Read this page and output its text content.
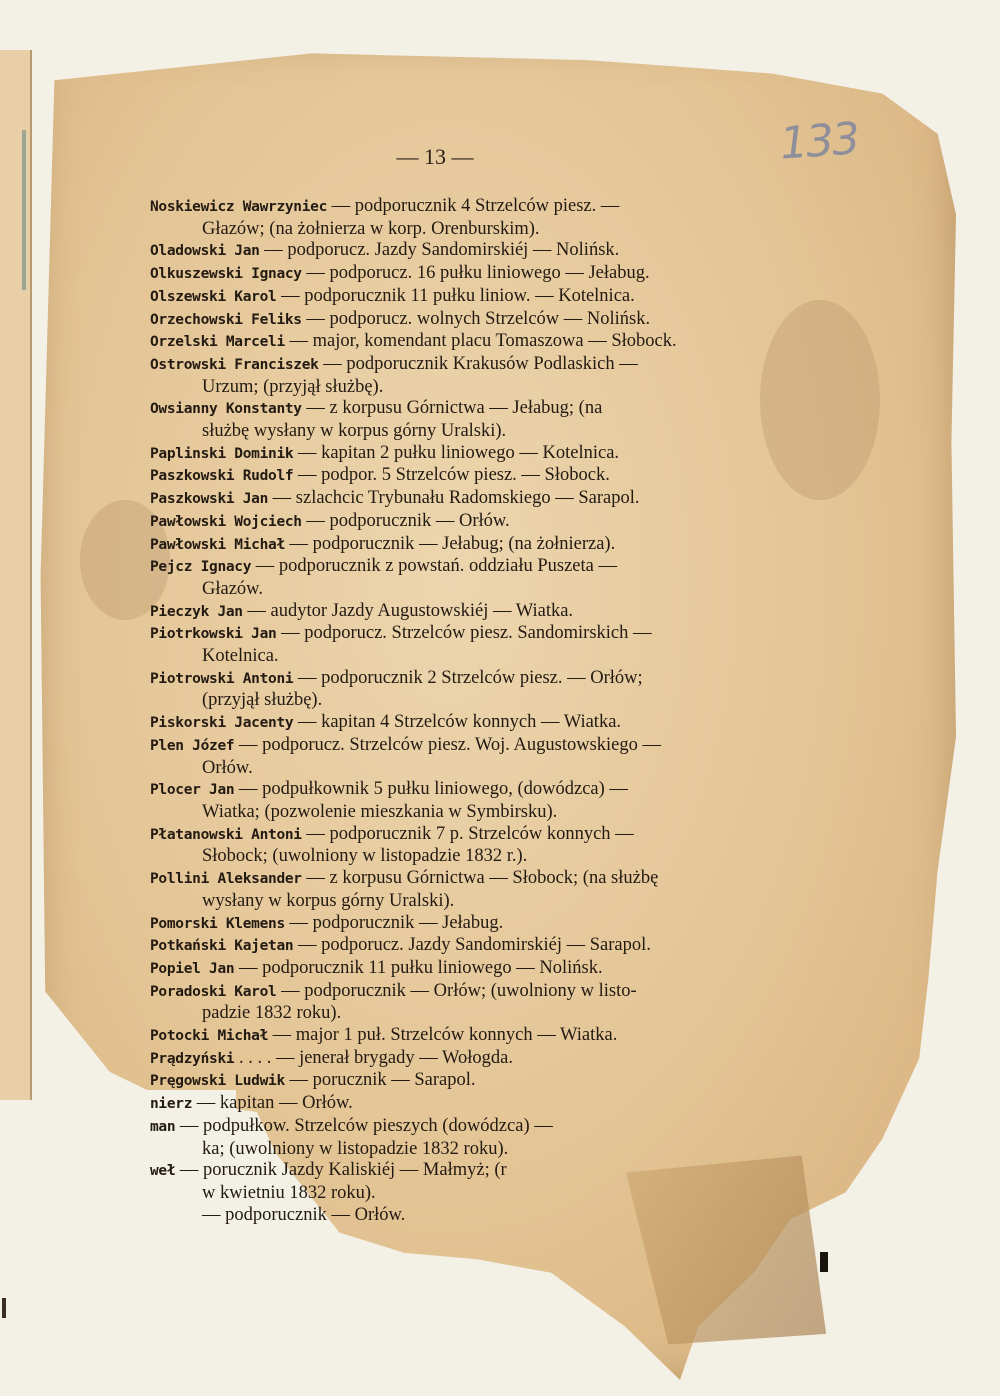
— 13 —	133
Noskiewicz Wawrzyniec — podporucznik 4 Strzelców piesz. —
Głazów; (na żołnierza w korp. Orenburskim).
Oladowski Jan — podporucz. Jazdy Sandomirskiéj — Nolińsk.
Olkuszewski Ignacy — podporucz. 16 pułku liniowego — Jełabug.
Olszewski Karol — podporucznik 11 pułku liniow. — Kotelnica.
Orzechowski Feliks — podporucz. wolnych Strzelców — Nolińsk.
Orzelski Marceli — major, komendant placu Tomaszowa — Słobock.
Ostrowski Franciszek — podporucznik Krakusów Podlaskich —
Urzum; (przyjął służbę).
Owsianny Konstanty — z korpusu Górnictwa — Jełabug; (na
służbę wysłany w korpus górny Uralski).
Paplinski Dominik — kapitan 2 pułku liniowego — Kotelnica.
Paszkowski Rudolf — podpor. 5 Strzelców piesz. — Słobock.
Paszkowski Jan — szlachcic Trybunału Radomskiego — Sarapol.
Pawłowski Wojciech — podporucznik — Orłów.
Pawłowski Michał — podporucznik — Jełabug; (na żołnierza).
Pejcz Ignacy — podporucznik z powstań. oddziału Puszeta —
Głazów.
Pieczyk Jan — audytor Jazdy Augustowskiéj — Wiatka.
Piotrkowski Jan — podporucz. Strzelców piesz. Sandomirskich —
Kotelnica.
Piotrowski Antoni — podporucznik 2 Strzelców piesz. — Orłów;
(przyjął służbę).
Piskorski Jacenty — kapitan 4 Strzelców konnych — Wiatka.
Plen Józef — podporucz. Strzelców piesz. Woj. Augustowskiego —
Orłów.
Plocer Jan — podpułkownik 5 pułku liniowego, (dowódzca) —
Wiatka; (pozwolenie mieszkania w Symbirsku).
Płatanowski Antoni — podporucznik 7 p. Strzelców konnych —
Słobock; (uwolniony w listopadzie 1832 r.).
Pollini Aleksander — z korpusu Górnictwa — Słobock; (na służbę
wysłany w korpus górny Uralski).
Pomorski Klemens — podporucznik — Jełabug.
Potkański Kajetan — podporucz. Jazdy Sandomirskiéj — Sarapol.
Popiel Jan — podporucznik 11 pułku liniowego — Nolińsk.
Poradoski Karol — podporucznik — Orłów; (uwolniony w listo-
padzie 1832 roku).
Potocki Michał — major 1 puł. Strzelców konnych — Wiatka.
Prądzyński . . . . — jenerał brygady — Wołogda.
Pręgowski Ludwik — porucznik — Sarapol.
nierz — kapitan — Orłów.
man — podpułkow. Strzelców pieszych (dowódzca) —
ka; (uwolniony w listopadzie 1832 roku).
weł — porucznik Jazdy Kaliskiéj — Małmyż; (r
w kwietniu 1832 roku).
— podporucznik — Orłów.
